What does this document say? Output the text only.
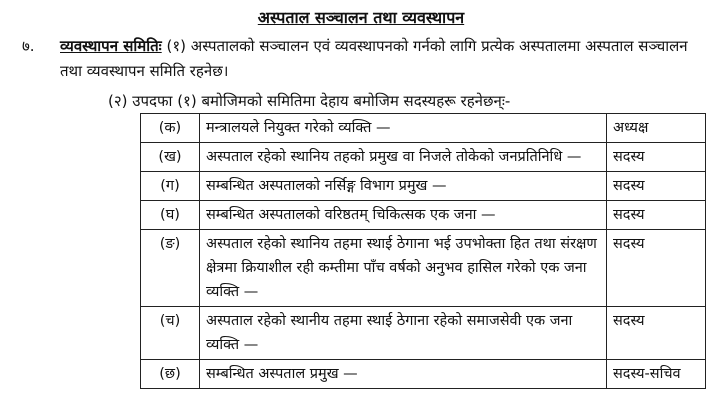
अस्पताल सञ्चालन तथा व्यवस्थापन
७. व्यवस्थापन समितिः (१) अस्पतालको सञ्चालन एवं व्यवस्थापनको गर्नको लागि प्रत्येक अस्पतालमा अस्पताल सञ्चालन तथा व्यवस्थापन समिति रहनेछ।
(२) उपदफा (१) बमोजिमको समितिमा देहाय बमोजिम सदस्यहरू रहनेछन्ः-
(क)	मन्त्रालयले नियुक्त गरेको व्यक्ति —	अध्यक्ष
(ख)	अस्पताल रहेको स्थानिय तहको प्रमुख वा निजले तोकेको जनप्रतिनिधि —	सदस्य
(ग)	सम्बन्धित अस्पतालको नर्सिङ्ग विभाग प्रमुख —	सदस्य
(घ)	सम्बन्धित अस्पतालको वरिष्ठतम् चिकित्सक एक जना —	सदस्य
(ङ)	अस्पताल रहेको स्थानिय तहमा स्थाई ठेगाना भई उपभोक्ता हित तथा संरक्षण क्षेत्रमा क्रियाशील रही कम्तीमा पाँच वर्षको अनुभव हासिल गरेको एक जना व्यक्ति —	सदस्य
(च)	अस्पताल रहेको स्थानीय तहमा स्थाई ठेगाना रहेको समाजसेवी एक जना व्यक्ति —	सदस्य
(छ)	सम्बन्धित अस्पताल प्रमुख —	सदस्य-सचिव
